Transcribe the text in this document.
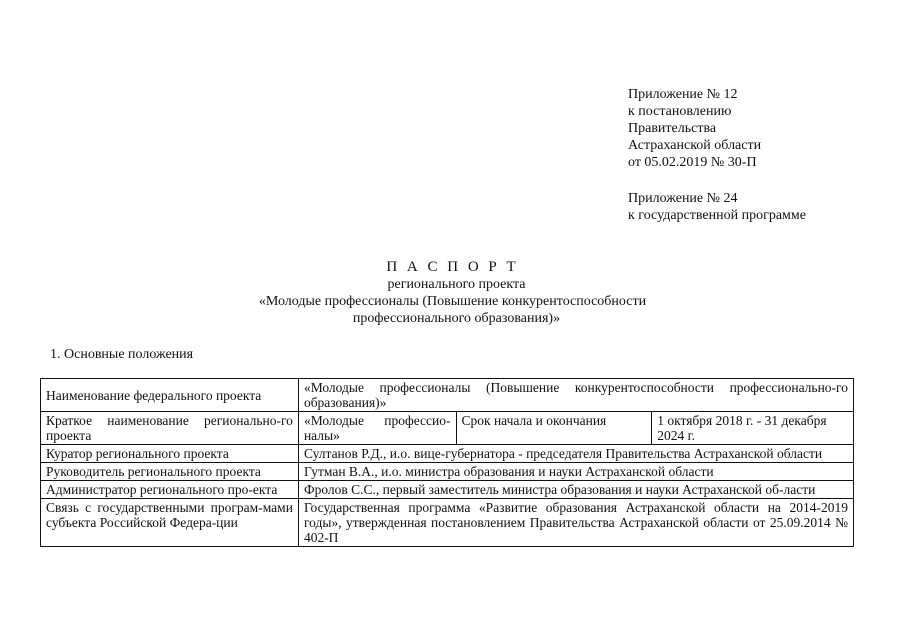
Приложение № 12
к постановлению
Правительства
Астраханской области
от 05.02.2019 № 30-П
Приложение № 24
к государственной программе
П А С П О Р Т
регионального проекта
«Молодые профессионалы (Повышение конкурентоспособности
профессионального образования)»
1. Основные положения
Наименование федерального проекта	«Молодые профессионалы (Повышение конкурентоспособности профессионально-го образования)»		
Краткое наименование регионально-го проекта	«Молодые профессио-налы»	Срок начала и окончания	1 октября 2018 г. - 31 декабря 2024 г.
Куратор регионального проекта	Султанов Р.Д., и.о. вице-губернатора - председателя Правительства Астраханской области		
Руководитель регионального проекта	Гутман В.А., и.о. министра образования и науки Астраханской области		
Администратор регионального про-екта	Фролов С.С., первый заместитель министра образования и науки Астраханской об-ласти		
Связь с государственными програм-мами субъекта Российской Федера-ции	Государственная программа «Развитие образования Астраханской области на 2014-2019 годы», утвержденная постановлением Правительства Астраханской области от 25.09.2014 № 402-П		
